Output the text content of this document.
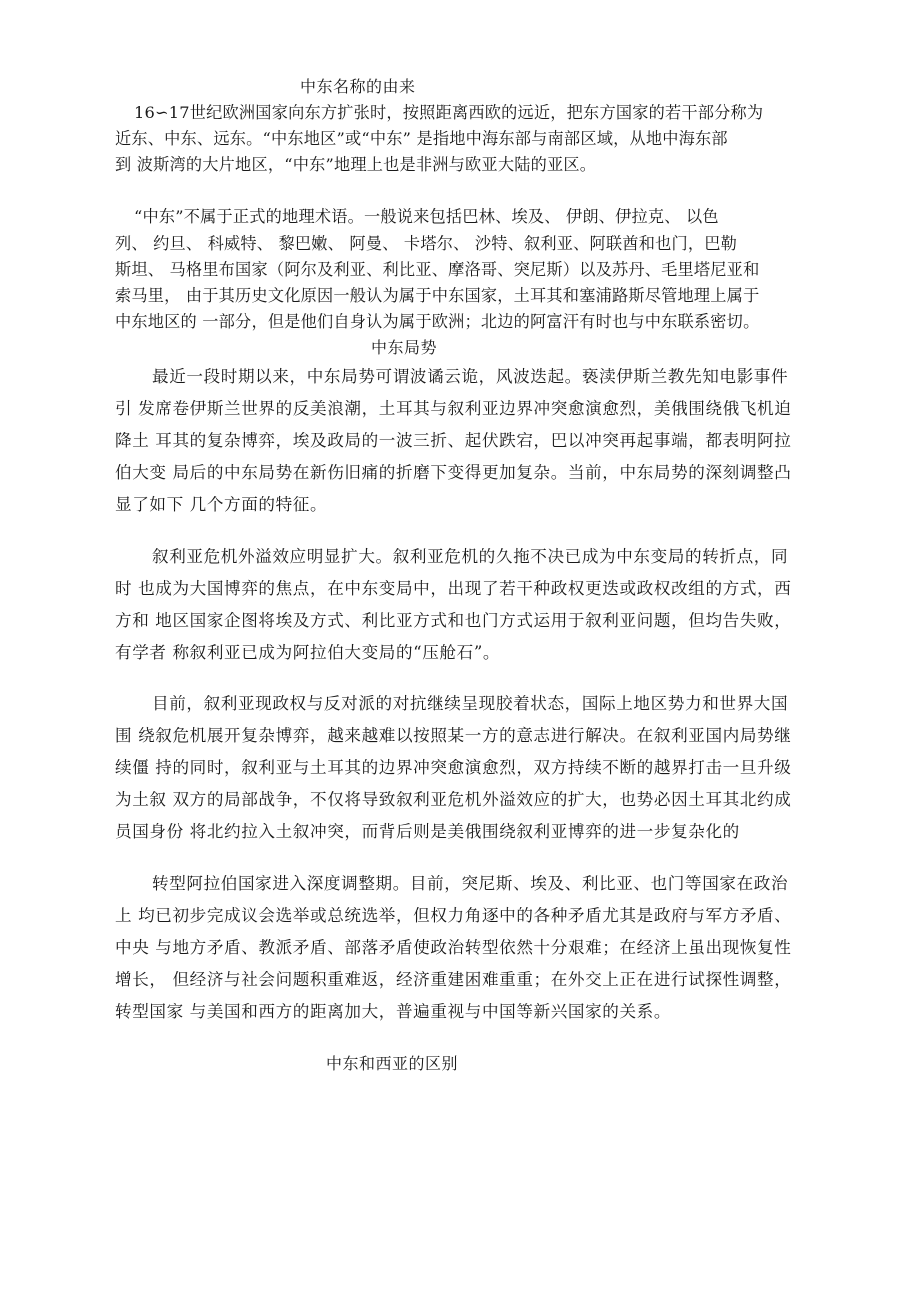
中东名称的由来
16∽17世纪欧洲国家向东方扩张时，按照距离西欧的远近，把东方国家的若干部分称为
近东、中东、远东。“中东地区”或“中东” 是指地中海东部与南部区域，从地中海东部
到 波斯湾的大片地区，“中东”地理上也是非洲与欧亚大陆的亚区。
“中东”不属于正式的地理术语。一般说来包括巴林、埃及、 伊朗、伊拉克、 以色
列、 约旦、 科威特、 黎巴嫩、 阿曼、 卡塔尔、 沙特、叙利亚、阿联酋和也门，巴勒
斯坦、 马格里布国家（阿尔及利亚、利比亚、摩洛哥、突尼斯）以及苏丹、毛里塔尼亚和
索马里， 由于其历史文化原因一般认为属于中东国家，土耳其和塞浦路斯尽管地理上属于
中东地区的 一部分，但是他们自身认为属于欧洲；北边的阿富汗有时也与中东联系密切。
中东局势
最近一段时期以来，中东局势可谓波谲云诡，风波迭起。亵渎伊斯兰教先知电影事件
引 发席卷伊斯兰世界的反美浪潮，土耳其与叙利亚边界冲突愈演愈烈，美俄围绕俄飞机迫
降土 耳其的复杂博弈，埃及政局的一波三折、起伏跌宕，巴以冲突再起事端，都表明阿拉
伯大变 局后的中东局势在新伤旧痛的折磨下变得更加复杂。当前，中东局势的深刻调整凸
显了如下 几个方面的特征。
叙利亚危机外溢效应明显扩大。叙利亚危机的久拖不决已成为中东变局的转折点，同
时 也成为大国博弈的焦点，在中东变局中，出现了若干种政权更迭或政权改组的方式，西
方和 地区国家企图将埃及方式、利比亚方式和也门方式运用于叙利亚问题，但均告失败，
有学者 称叙利亚已成为阿拉伯大变局的“压舱石”。
目前，叙利亚现政权与反对派的对抗继续呈现胶着状态，国际上地区势力和世界大国
围 绕叙危机展开复杂博弈，越来越难以按照某一方的意志进行解决。在叙利亚国内局势继
续僵 持的同时，叙利亚与土耳其的边界冲突愈演愈烈，双方持续不断的越界打击一旦升级
为土叙 双方的局部战争，不仅将导致叙利亚危机外溢效应的扩大，也势必因土耳其北约成
员国身份 将北约拉入土叙冲突，而背后则是美俄围绕叙利亚博弈的进一步复杂化的
转型阿拉伯国家进入深度调整期。目前，突尼斯、埃及、利比亚、也门等国家在政治
上 均已初步完成议会选举或总统选举，但权力角逐中的各种矛盾尤其是政府与军方矛盾、
中央 与地方矛盾、教派矛盾、部落矛盾使政治转型依然十分艰难；在经济上虽出现恢复性
增长， 但经济与社会问题积重难返，经济重建困难重重；在外交上正在进行试探性调整，
转型国家 与美国和西方的距离加大，普遍重视与中国等新兴国家的关系。
中东和西亚的区别
